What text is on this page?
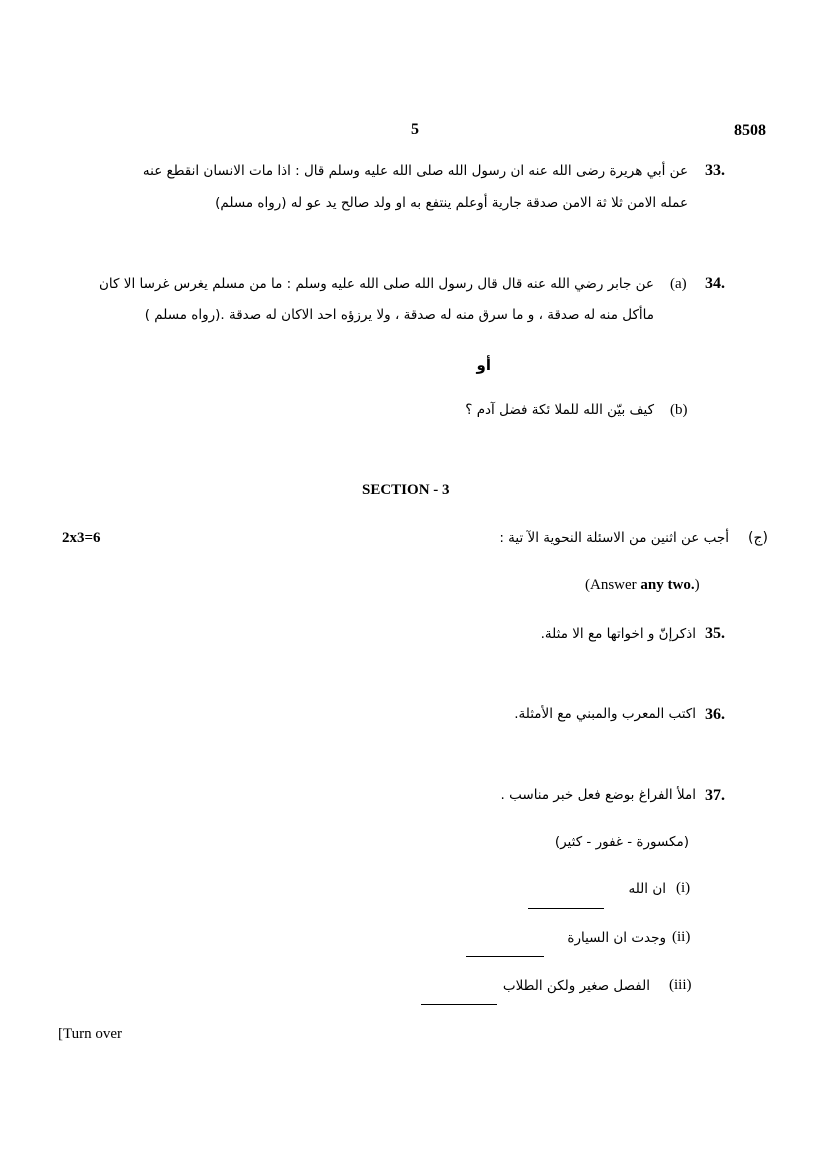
5	8508
33.
عن أبي هريرة رضى الله عنه ان رسول الله صلى الله عليه وسلم قال : اذا مات الانسان انقطع عنه
عمله الامن ثلا ثة الامن صدقة جارية أوعلم ينتفع به او ولد صالح يد عو له (رواه مسلم)
34.
(a)
عن جابر رضي الله عنه قال قال رسول الله صلى الله عليه وسلم : ما من مسلم يغرس غرسا الا كان
ماأكل منه له صدقة ، و ما سرق منه له صدقة ، ولا يرزؤه احد الاكان له صدقة .(رواه مسلم )
أو
(b)
كيف بيّن الله للملا ئكة فضل آدم ؟
SECTION - 3
2x3=6	(ج)
أجب عن اثنين من الاسئلة النحوية الآ تية :
(Answer any two.)
35.
اذكرإنّ و اخواتها مع الا مثلة.
36.
اكتب المعرب والمبني مع الأمثلة.
37.
املأ الفراغ بوضع فعل خبر مناسب .
(مكسورة - غفور - كثير)
(i)
ان الله
(ii)
وجدت ان السيارة
(iii)
الفصل صغير ولكن الطلاب
[Turn over
